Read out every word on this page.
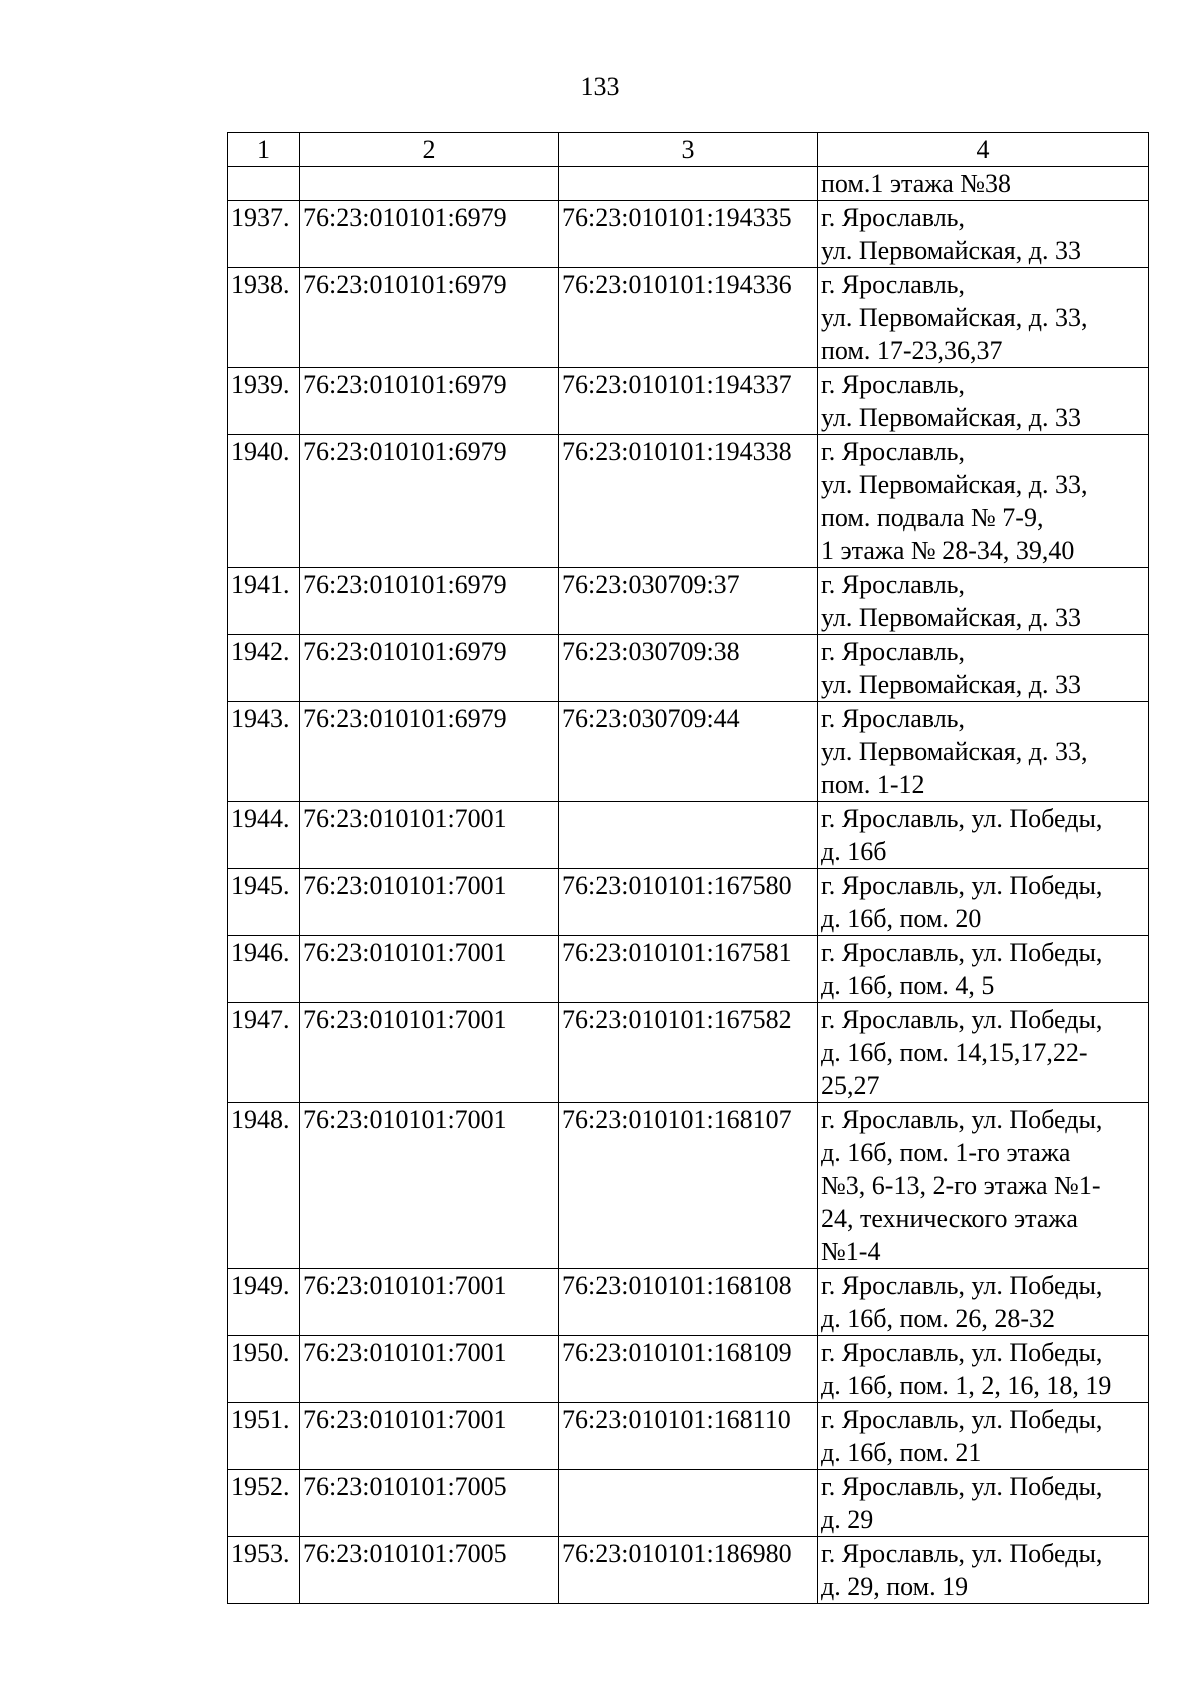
133
1	2	3	4

			пом.1 этажа №38

1937.	76:23:010101:6979	76:23:010101:194335	г. Ярославль,
ул. Первомайская, д. 33

1938.	76:23:010101:6979	76:23:010101:194336	г. Ярославль,
ул. Первомайская, д. 33,
пом. 17-23,36,37

1939.	76:23:010101:6979	76:23:010101:194337	г. Ярославль,
ул. Первомайская, д. 33

1940.	76:23:010101:6979	76:23:010101:194338	г. Ярославль,
ул. Первомайская, д. 33,
пом. подвала № 7-9,
1 этажа № 28-34, 39,40

1941.	76:23:010101:6979	76:23:030709:37	г. Ярославль,
ул. Первомайская, д. 33

1942.	76:23:010101:6979	76:23:030709:38	г. Ярославль,
ул. Первомайская, д. 33

1943.	76:23:010101:6979	76:23:030709:44	г. Ярославль,
ул. Первомайская, д. 33,
пом. 1-12

1944.	76:23:010101:7001		г. Ярославль, ул. Победы,
д. 16б

1945.	76:23:010101:7001	76:23:010101:167580	г. Ярославль, ул. Победы,
д. 16б, пом. 20

1946.	76:23:010101:7001	76:23:010101:167581	г. Ярославль, ул. Победы,
д. 16б, пом. 4, 5

1947.	76:23:010101:7001	76:23:010101:167582	г. Ярославль, ул. Победы,
д. 16б, пом. 14,15,17,22-
25,27

1948.	76:23:010101:7001	76:23:010101:168107	г. Ярославль, ул. Победы,
д. 16б, пом. 1-го этажа
№3, 6-13, 2-го этажа №1-
24, технического этажа
№1-4

1949.	76:23:010101:7001	76:23:010101:168108	г. Ярославль, ул. Победы,
д. 16б, пом. 26, 28-32

1950.	76:23:010101:7001	76:23:010101:168109	г. Ярославль, ул. Победы,
д. 16б, пом. 1, 2, 16, 18, 19

1951.	76:23:010101:7001	76:23:010101:168110	г. Ярославль, ул. Победы,
д. 16б, пом. 21

1952.	76:23:010101:7005		г. Ярославль, ул. Победы,
д. 29

1953.	76:23:010101:7005	76:23:010101:186980	г. Ярославль, ул. Победы,
д. 29, пом. 19
